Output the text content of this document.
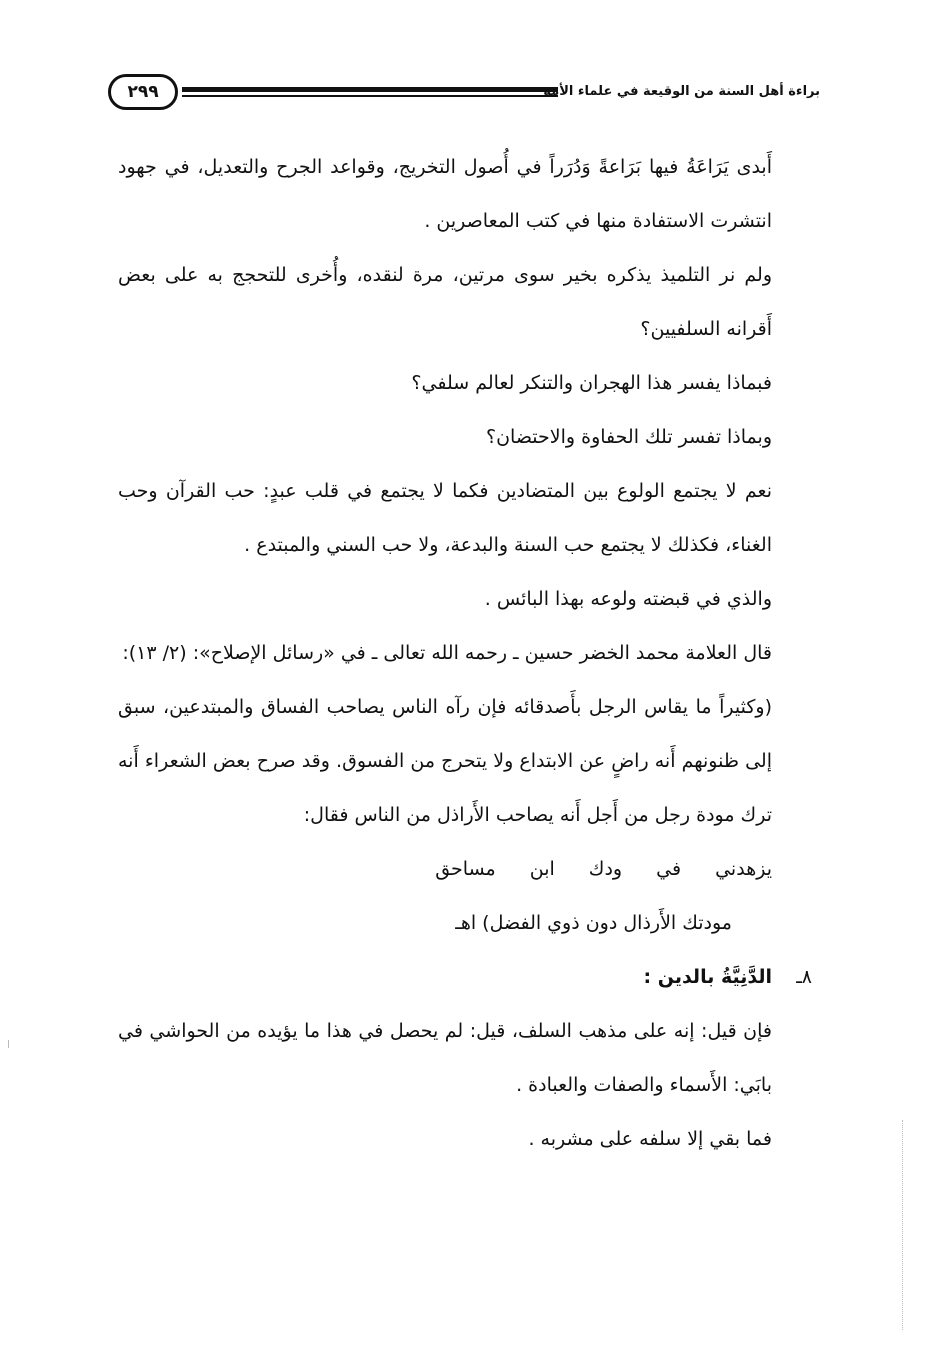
٢٩٩	براءة أهل السنة من الوقيعة في علماء الأمة

أَبدى يَرَاعَةُ فيها بَرَاعةً وَدُرَراً في أُصول التخريج، وقواعد الجرح والتعديل، في جهود انتشرت الاستفادة منها في كتب المعاصرين .

ولم نر التلميذ يذكره بخير سوى مرتين، مرة لنقده، وأُخرى للتحجج به على بعض أَقرانه السلفيين؟

فبماذا يفسر هذا الهجران والتنكر لعالم سلفي؟

وبماذا تفسر تلك الحفاوة والاحتضان؟

نعم لا يجتمع الولوع بين المتضادين فكما لا يجتمع في قلب عبدٍ: حب القرآن وحب الغناء، فكذلك لا يجتمع حب السنة والبدعة، ولا حب السني والمبتدع .

والذي في قبضته ولوعه بهذا البائس .

قال العلامة محمد الخضر حسين ـ رحمه الله تعالى ـ في «رسائل الإصلاح»: (٢/ ١٣):

(وكثيراً ما يقاس الرجل بأَصدقائه فإن رآه الناس يصاحب الفساق والمبتدعين، سبق إلى ظنونهم أَنه راضٍ عن الابتداع ولا يتحرج من الفسوق. وقد صرح بعض الشعراء أَنه ترك مودة رجل من أَجل أَنه يصاحب الأَراذل من الناس فقال:

يزهدني في ودك ابن مساحق
مودتك الأَرذال دون ذوي الفضل) اهـ
٨ـ
الدَّنِيَّةُ بالدين :

فإن قيل: إنه على مذهب السلف، قيل: لم يحصل في هذا ما يؤيده من الحواشي في بابَي: الأَسماء والصفات والعبادة .

فما بقي إلا سلفه على مشربه .
